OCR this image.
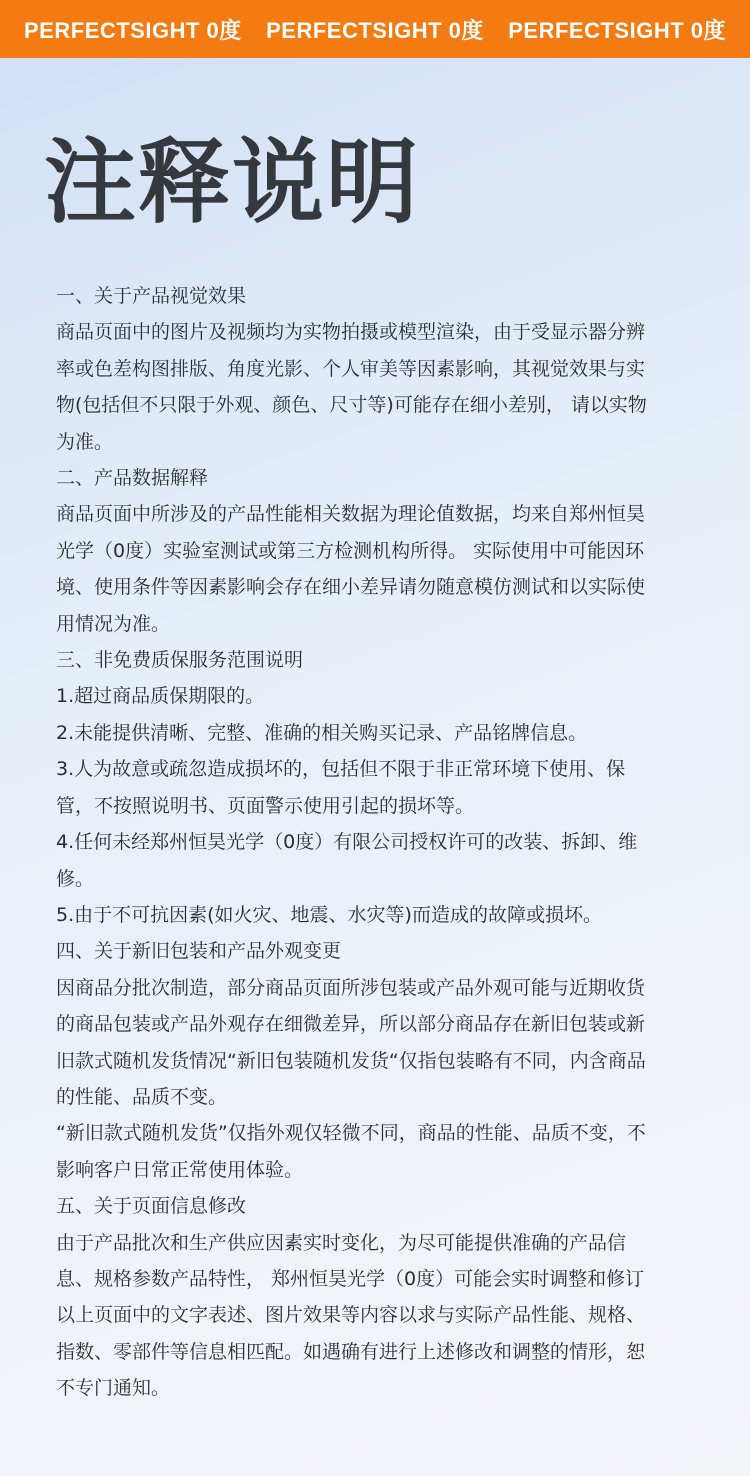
PERFECTSIGHT 0度 PERFECTSIGHT 0度 PERFECTSIGHT 0度
注释说明
一、关于产品视觉效果
商品页面中的图片及视频均为实物拍摄或模型渲染，由于受显示器分辨
率或色差构图排版、角度光影、个人审美等因素影响，其视觉效果与实
物(包括但不只限于外观、颜色、尺寸等)可能存在细小差别， 请以实物
为准。
二、产品数据解释
商品页面中所涉及的产品性能相关数据为理论值数据，均来自郑州恒昊
光学（0度）实验室测试或第三方检测机构所得。 实际使用中可能因环
境、使用条件等因素影响会存在细小差异请勿随意模仿测试和以实际使
用情况为准。
三、非免费质保服务范围说明
1.超过商品质保期限的。
2.未能提供清晰、完整、准确的相关购买记录、产品铭牌信息。
3.人为故意或疏忽造成损坏的，包括但不限于非正常环境下使用、保
管，不按照说明书、页面警示使用引起的损坏等。
4.任何未经郑州恒昊光学（0度）有限公司授权许可的改装、拆卸、维
修。
5.由于不可抗因素(如火灾、地震、水灾等)而造成的故障或损坏。
四、关于新旧包装和产品外观变更
因商品分批次制造，部分商品页面所涉包装或产品外观可能与近期收货
的商品包装或产品外观存在细微差异，所以部分商品存在新旧包装或新
旧款式随机发货情况“新旧包装随机发货“仅指包装略有不同，内含商品
的性能、品质不变。
“新旧款式随机发货”仅指外观仅轻微不同，商品的性能、品质不变，不
影响客户日常正常使用体验。
五、关于页面信息修改
由于产品批次和生产供应因素实时变化，为尽可能提供准确的产品信
息、规格参数产品特性， 郑州恒昊光学（0度）可能会实时调整和修订
以上页面中的文字表述、图片效果等内容以求与实际产品性能、规格、
指数、零部件等信息相匹配。如遇确有进行上述修改和调整的情形，恕
不专门通知。
